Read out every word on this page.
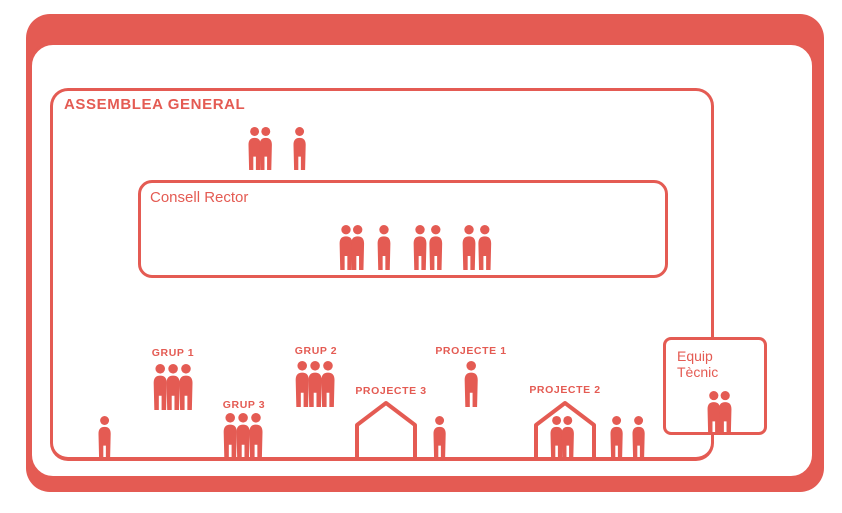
ASSEMBLEA GENERAL
Consell Rector
Equip Tècnic
GRUP 1	GRUP 2
GRUP 3
PROJECTE 1
PROJECTE 2
PROJECTE 3
